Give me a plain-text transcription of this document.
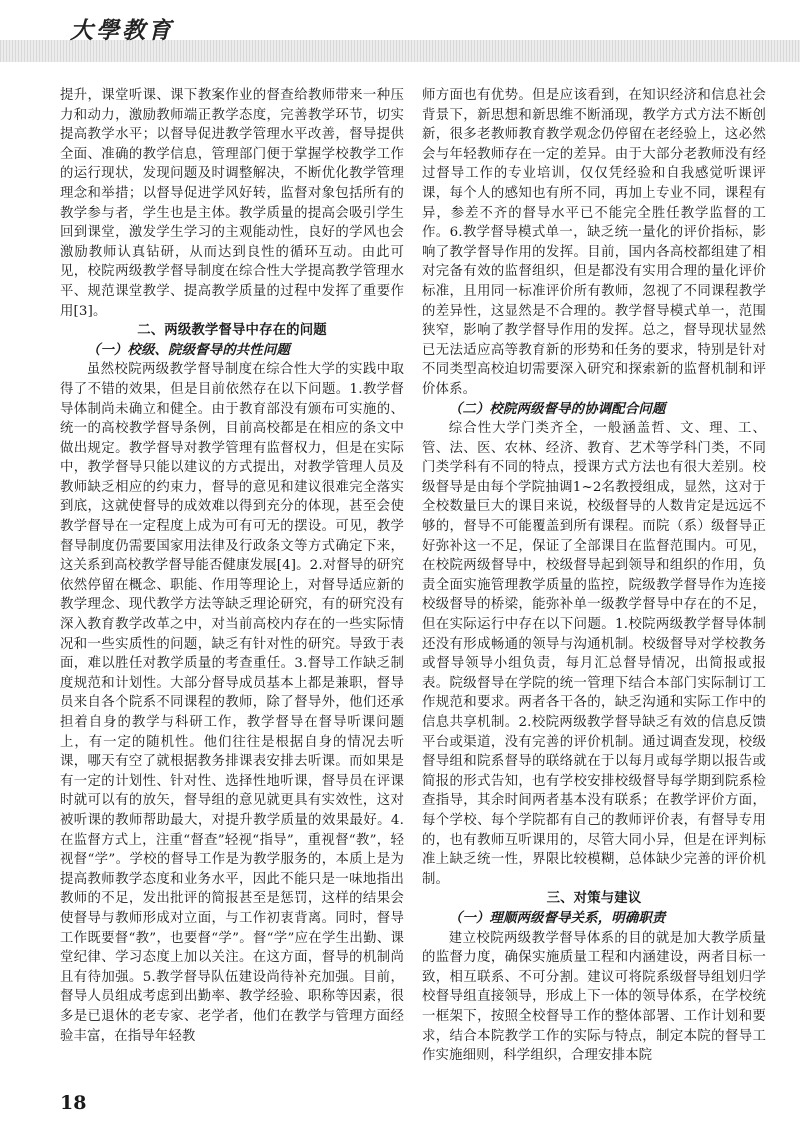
大學教育

提升，课堂听课、课下教案作业的督查给教师带来一种压力和动力，激励教师端正教学态度，完善教学环节，切实提高教学水平；以督导促进教学管理水平改善，督导提供全面、准确的教学信息，管理部门便于掌握学校教学工作的运行现状，发现问题及时调整解决，不断优化教学管理理念和举措；以督导促进学风好转，监督对象包括所有的教学参与者，学生也是主体。教学质量的提高会吸引学生回到课堂，激发学生学习的主观能动性，良好的学风也会激励教师认真钻研，从而达到良性的循环互动。由此可见，校院两级教学督导制度在综合性大学提高教学管理水平、规范课堂教学、提高教学质量的过程中发挥了重要作用[3]。

二、两级教学督导中存在的问题

（一）校级、院级督导的共性问题

虽然校院两级教学督导制度在综合性大学的实践中取得了不错的效果，但是目前依然存在以下问题。1.教学督导体制尚未确立和健全。由于教育部没有颁布可实施的、统一的高校教学督导条例，目前高校都是在相应的条文中做出规定。教学督导对教学管理有监督权力，但是在实际中，教学督导只能以建议的方式提出，对教学管理人员及教师缺乏相应的约束力，督导的意见和建议很难完全落实到底，这就使督导的成效难以得到充分的体现，甚至会使教学督导在一定程度上成为可有可无的摆设。可见，教学督导制度仍需要国家用法律及行政条文等方式确定下来，这关系到高校教学督导能否健康发展[4]。2.对督导的研究依然停留在概念、职能、作用等理论上，对督导适应新的教学理念、现代教学方法等缺乏理论研究，有的研究没有深入教育教学改革之中，对当前高校内存在的一些实际情况和一些实质性的问题，缺乏有针对性的研究。导致于表面，难以胜任对教学质量的考查重任。3.督导工作缺乏制度规范和计划性。大部分督导成员基本上都是兼职，督导员来自各个院系不同课程的教师，除了督导外，他们还承担着自身的教学与科研工作，教学督导在督导听课问题上，有一定的随机性。他们往往是根据自身的情况去听课，哪天有空了就根据教务排课表安排去听课。而如果是有一定的计划性、针对性、选择性地听课，督导员在评课时就可以有的放矢，督导组的意见就更具有实效性，这对被听课的教师帮助最大，对提升教学质量的效果最好。4.在监督方式上，注重“督查”轻视“指导”，重视督“教”，轻视督“学”。学校的督导工作是为教学服务的，本质上是为提高教师教学态度和业务水平，因此不能只是一味地指出教师的不足，发出批评的简报甚至是惩罚，这样的结果会使督导与教师形成对立面，与工作初衷背离。同时，督导工作既要督“教”，也要督“学”。督“学”应在学生出勤、课堂纪律、学习态度上加以关注。在这方面，督导的机制尚且有待加强。5.教学督导队伍建设尚待补充加强。目前，督导人员组成考虑到出勤率、教学经验、职称等因素，很多是已退休的老专家、老学者，他们在教学与管理方面经验丰富，在指导年轻教

师方面也有优势。但是应该看到，在知识经济和信息社会背景下，新思想和新思维不断涌现，教学方式方法不断创新，很多老教师教育教学观念仍停留在老经验上，这必然会与年轻教师存在一定的差异。由于大部分老教师没有经过督导工作的专业培训，仅仅凭经验和自我感觉听课评课，每个人的感知也有所不同，再加上专业不同，课程有异，参差不齐的督导水平已不能完全胜任教学监督的工作。6.教学督导模式单一，缺乏统一量化的评价指标，影响了教学督导作用的发挥。目前，国内各高校都组建了相对完备有效的监督组织，但是都没有实用合理的量化评价标准，且用同一标准评价所有教师，忽视了不同课程教学的差异性，这显然是不合理的。教学督导模式单一，范围狭窄，影响了教学督导作用的发挥。总之，督导现状显然已无法适应高等教育新的形势和任务的要求，特别是针对不同类型高校迫切需要深入研究和探索新的监督机制和评价体系。

（二）校院两级督导的协调配合问题

综合性大学门类齐全，一般涵盖哲、文、理、工、管、法、医、农林、经济、教育、艺术等学科门类，不同门类学科有不同的特点，授课方式方法也有很大差别。校级督导是由每个学院抽调1~2名教授组成，显然，这对于全校数量巨大的课目来说，校级督导的人数肯定是远远不够的，督导不可能覆盖到所有课程。而院（系）级督导正好弥补这一不足，保证了全部课目在监督范围内。可见，在校院两级督导中，校级督导起到领导和组织的作用，负责全面实施管理教学质量的监控，院级教学督导作为连接校级督导的桥梁，能弥补单一级教学督导中存在的不足，但在实际运行中存在以下问题。1.校院两级教学督导体制还没有形成畅通的领导与沟通机制。校级督导对学校教务或督导领导小组负责，每月汇总督导情况，出简报或报表。院级督导在学院的统一管理下结合本部门实际制订工作规范和要求。两者各干各的，缺乏沟通和实际工作中的信息共享机制。2.校院两级教学督导缺乏有效的信息反馈平台或渠道，没有完善的评价机制。通过调查发现，校级督导组和院系督导的联络就在于以每月或每学期以报告或简报的形式告知，也有学校安排校级督导每学期到院系检查指导，其余时间两者基本没有联系；在教学评价方面，每个学校、每个学院都有自己的教师评价表，有督导专用的，也有教师互听课用的，尽管大同小异，但是在评判标准上缺乏统一性，界限比较模糊，总体缺少完善的评价机制。

三、对策与建议

（一）理顺两级督导关系，明确职责

建立校院两级教学督导体系的目的就是加大教学质量的监督力度，确保实施质量工程和内涵建设，两者目标一致，相互联系、不可分割。建议可将院系级督导组划归学校督导组直接领导，形成上下一体的领导体系，在学校统一框架下，按照全校督导工作的整体部署、工作计划和要求，结合本院教学工作的实际与特点，制定本院的督导工作实施细则，科学组织，合理安排本院

18
